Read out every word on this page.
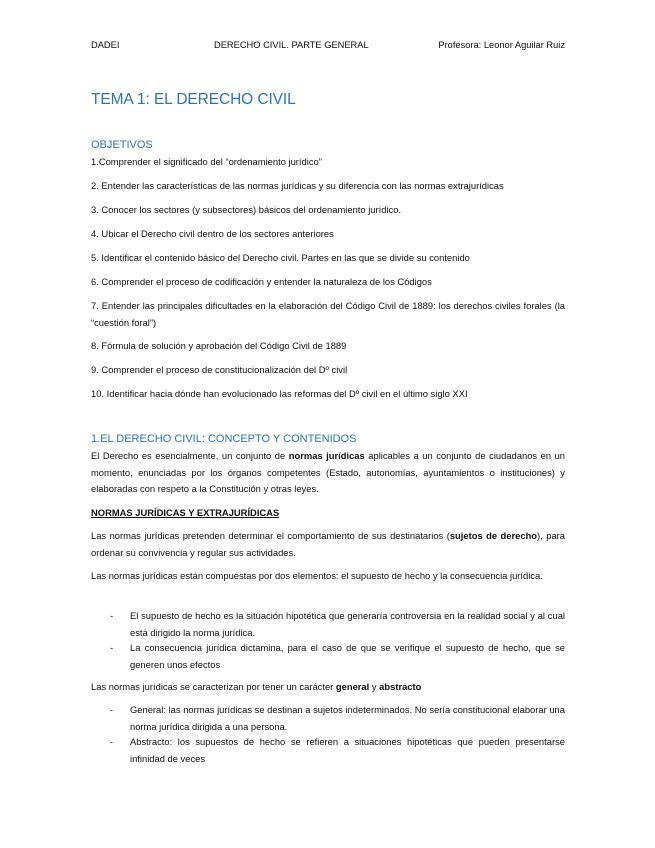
DADEI	DERECHO CIVIL. PARTE GENERAL	Profesora: Leonor Aguilar Ruiz
TEMA 1: EL DERECHO CIVIL
OBJETIVOS
1.Comprender el significado del “ordenamiento jurídico”
2. Entender las características de las normas jurídicas y su diferencia con las normas extrajurídicas
3. Conocer los sectores (y subsectores) básicos del ordenamiento jurídico.
4. Ubicar el Derecho civil dentro de los sectores anteriores
5. Identificar el contenido básico del Derecho civil. Partes en las que se divide su contenido
6. Comprender el proceso de codificación y entender la naturaleza de los Códigos
7. Entender las principales dificultades en la elaboración del Código Civil de 1889: los derechos civiles forales (la “cuestión foral”)
8. Fórmula de solución y aprobación del Código Civil de 1889
9. Comprender el proceso de constitucionalización del Dº civil
10. Identificar hacia dónde han evolucionado las reformas del Dº civil en el último siglo XXI
1.EL DERECHO CIVIL: CONCEPTO Y CONTENIDOS
El Derecho es esencialmente, un conjunto de normas jurídicas aplicables a un conjunto de ciudadanos en un momento, enunciadas por los órganos competentes (Estado, autonomías, ayuntamientos o instituciones) y elaboradas con respeto a la Constitución y otras leyes.
NORMAS JURÍDICAS Y EXTRAJURÍDICAS
Las normas jurídicas pretenden determinar el comportamiento de sus destinatarios (sujetos de derecho), para ordenar su convivencia y regular sus actividades.
Las normas jurídicas están compuestas por dos elementos: el supuesto de hecho y la consecuencia jurídica.
- El supuesto de hecho es la situación hipotética que generaría controversia en la realidad social y al cual está dirigido la norma jurídica.
- La consecuencia jurídica dictamina, para el caso de que se verifique el supuesto de hecho, que se generen unos efectos
Las normas jurídicas se caracterizan por tener un carácter general y abstracto
- General: las normas jurídicas se destinan a sujetos indeterminados. No sería constitucional elaborar una norma jurídica dirigida a una persona.
- Abstracto: los supuestos de hecho se refieren a situaciones hipotéticas que pueden presentarse infinidad de veces
